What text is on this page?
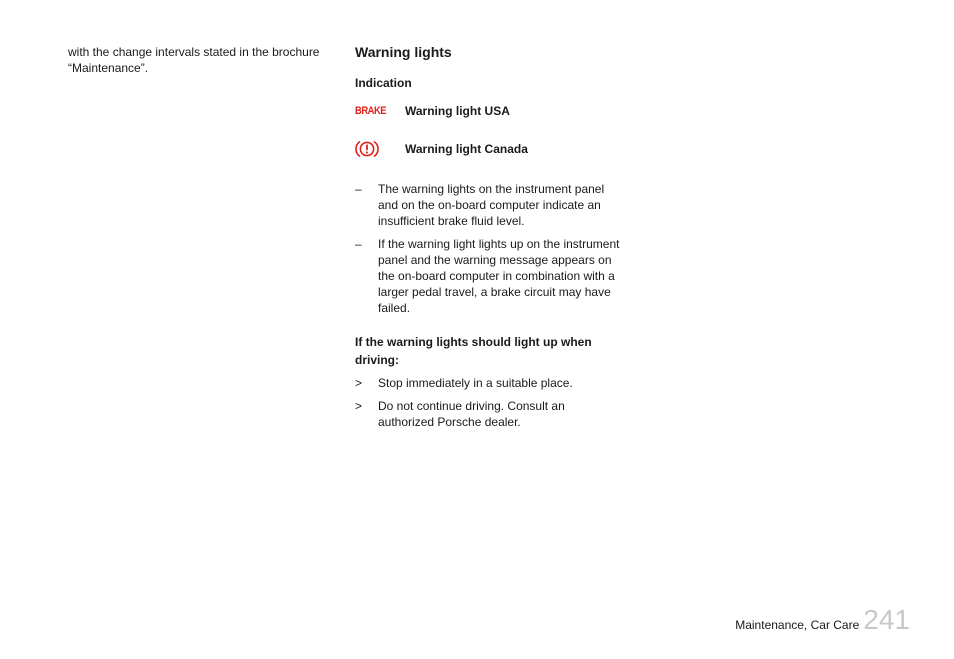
with the change intervals stated in the brochure “Maintenance”.

Warning lights
Indication
BRAKE Warning light USA
Warning light Canada
–	The warning lights on the instrument panel and on the on-board computer indicate an insufficient brake fluid level.
–	If the warning light lights up on the instrument panel and the warning message appears on the on-board computer in combination with a larger pedal travel, a brake circuit may have failed.
If the warning lights should light up when driving:
>	Stop immediately in a suitable place.
>	Do not continue driving. Consult an authorized Porsche dealer.
Maintenance, Car Care 241
